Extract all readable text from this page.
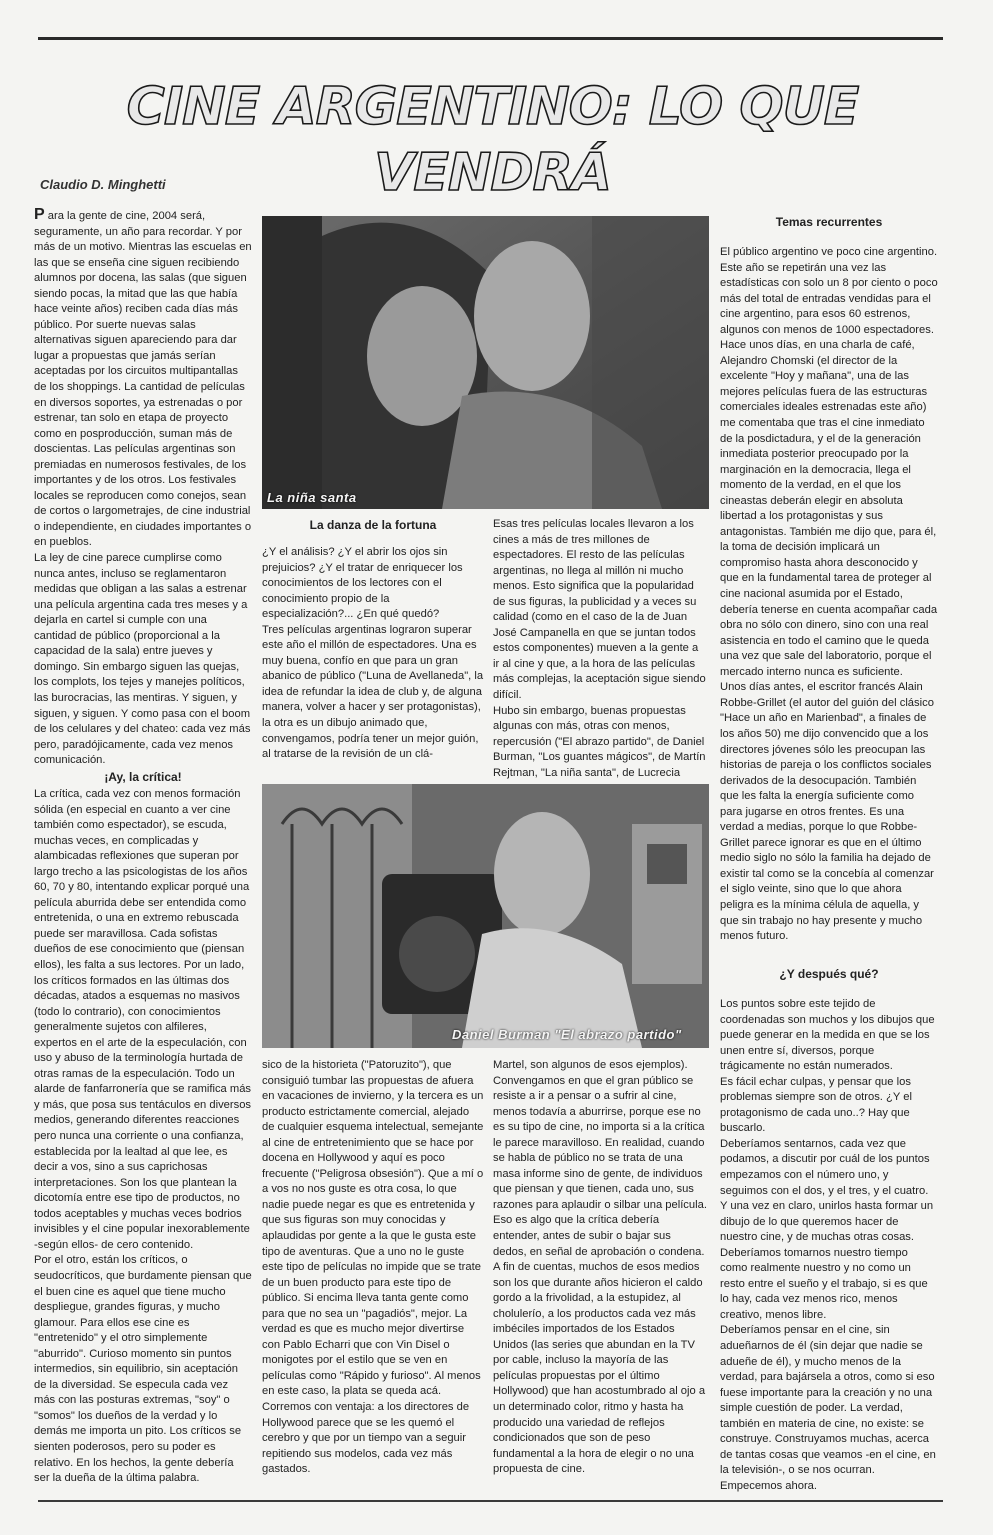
CINE ARGENTINO: LO QUE VENDRÁ
Claudio D. Minghetti

P ara la gente de cine, 2004 será, seguramente, un año para recordar. Y por más de un motivo. Mientras las escuelas en las que se enseña cine siguen recibiendo alumnos por docena, las salas (que siguen siendo pocas, la mitad que las que había hace veinte años) reciben cada días más público. Por suerte nuevas salas alternativas siguen apareciendo para dar lugar a propuestas que jamás serían aceptadas por los circuitos multipantallas de los shoppings. La cantidad de películas en diversos soportes, ya estrenadas o por estrenar, tan solo en etapa de proyecto como en posproducción, suman más de doscientas. Las películas argentinas son premiadas en numerosos festivales, de los importantes y de los otros. Los festivales locales se reproducen como conejos, sean de cortos o largometrajes, de cine industrial o independiente, en ciudades importantes o en pueblos.

La ley de cine parece cumplirse como nunca antes, incluso se reglamentaron medidas que obligan a las salas a estrenar una película argentina cada tres meses y a dejarla en cartel si cumple con una cantidad de público (proporcional a la capacidad de la sala) entre jueves y domingo. Sin embargo siguen las quejas, los complots, los tejes y manejes políticos, las burocracias, las mentiras. Y siguen, y siguen, y siguen. Y como pasa con el boom de los celulares y del chateo: cada vez más pero, paradójicamente, cada vez menos comunicación.

¡Ay, la crítica!

La crítica, cada vez con menos formación sólida (en especial en cuanto a ver cine también como espectador), se escuda, muchas veces, en complicadas y alambicadas reflexiones que superan por largo trecho a las psicologistas de los años 60, 70 y 80, intentando explicar porqué una película aburrida debe ser entendida como entretenida, o una en extremo rebuscada puede ser maravillosa. Cada sofistas dueños de ese conocimiento que (piensan ellos), les falta a sus lectores. Por un lado, los críticos formados en las últimas dos décadas, atados a esquemas no masivos (todo lo contrario), con conocimientos generalmente sujetos con alfileres, expertos en el arte de la especulación, con uso y abuso de la terminología hurtada de otras ramas de la especulación. Todo un alarde de fanfarronería que se ramifica más y más, que posa sus tentáculos en diversos medios, generando diferentes reacciones pero nunca una corriente o una confianza, establecida por la lealtad al que lee, es decir a vos, sino a sus caprichosas interpretaciones. Son los que plantean la dicotomía entre ese tipo de productos, no todos aceptables y muchas veces bodrios invisibles y el cine popular inexorablemente -según ellos- de cero contenido.

Por el otro, están los críticos, o seudocríticos, que burdamente piensan que el buen cine es aquel que tiene mucho despliegue, grandes figuras, y mucho glamour. Para ellos ese cine es "entretenido" y el otro simplemente "aburrido". Curioso momento sin puntos intermedios, sin equilibrio, sin aceptación de la diversidad. Se especula cada vez más con las posturas extremas, "soy" o "somos" los dueños de la verdad y lo demás me importa un pito. Los críticos se sienten poderosos, pero su poder es relativo. En los hechos, la gente debería ser la dueña de la última palabra.

La niña santa
La danza de la fortuna

¿Y el análisis? ¿Y el abrir los ojos sin prejuicios? ¿Y el tratar de enriquecer los conocimientos de los lectores con el conocimiento propio de la especialización?... ¿En qué quedó?

Tres películas argentinas lograron superar este año el millón de espectadores. Una es muy buena, confío en que para un gran abanico de público ("Luna de Avellaneda", la idea de refundar la idea de club y, de alguna manera, volver a hacer y ser protagonistas), la otra es un dibujo animado que, convengamos, podría tener un mejor guión, al tratarse de la revisión de un clá-

Esas tres películas locales llevaron a los cines a más de tres millones de espectadores. El resto de las películas argentinas, no llega al millón ni mucho menos. Esto significa que la popularidad de sus figuras, la publicidad y a veces su calidad (como en el caso de la de Juan José Campanella en que se juntan todos estos componentes) mueven a la gente a ir al cine y que, a la hora de las películas más complejas, la aceptación sigue siendo difícil.

Hubo sin embargo, buenas propuestas algunas con más, otras con menos, repercusión ("El abrazo partido", de Daniel Burman, "Los guantes mágicos", de Martín Rejtman, "La niña santa", de Lucrecia

Daniel Burman "El abrazo partido"

sico de la historieta ("Patoruzito"), que consiguió tumbar las propuestas de afuera en vacaciones de invierno, y la tercera es un producto estrictamente comercial, alejado de cualquier esquema intelectual, semejante al cine de entretenimiento que se hace por docena en Hollywood y aquí es poco frecuente ("Peligrosa obsesión"). Que a mí o a vos no nos guste es otra cosa, lo que nadie puede negar es que es entretenida y que sus figuras son muy conocidas y aplaudidas por gente a la que le gusta este tipo de aventuras. Que a uno no le guste este tipo de películas no impide que se trate de un buen producto para este tipo de público. Si encima lleva tanta gente como para que no sea un "pagadiós", mejor. La verdad es que es mucho mejor divertirse con Pablo Echarri que con Vin Disel o monigotes por el estilo que se ven en películas como "Rápido y furioso". Al menos en este caso, la plata se queda acá.

Corremos con ventaja: a los directores de Hollywood parece que se les quemó el cerebro y que por un tiempo van a seguir repitiendo sus modelos, cada vez más gastados.

Martel, son algunos de esos ejemplos). Convengamos en que el gran público se resiste a ir a pensar o a sufrir al cine, menos todavía a aburrirse, porque ese no es su tipo de cine, no importa si a la crítica le parece maravilloso. En realidad, cuando se habla de público no se trata de una masa informe sino de gente, de individuos que piensan y que tienen, cada uno, sus razones para aplaudir o silbar una película. Eso es algo que la crítica debería entender, antes de subir o bajar sus dedos, en señal de aprobación o condena.

A fin de cuentas, muchos de esos medios son los que durante años hicieron el caldo gordo a la frivolidad, a la estupidez, al cholulerío, a los productos cada vez más imbéciles importados de los Estados Unidos (las series que abundan en la TV por cable, incluso la mayoría de las películas propuestas por el último Hollywood) que han acostumbrado al ojo a un determinado color, ritmo y hasta ha producido una variedad de reflejos condicionados que son de peso fundamental a la hora de elegir o no una propuesta de cine.

Temas recurrentes

El público argentino ve poco cine argentino. Este año se repetirán una vez las estadísticas con solo un 8 por ciento o poco más del total de entradas vendidas para el cine argentino, para esos 60 estrenos, algunos con menos de 1000 espectadores.

Hace unos días, en una charla de café, Alejandro Chomski (el director de la excelente "Hoy y mañana", una de las mejores películas fuera de las estructuras comerciales ideales estrenadas este año) me comentaba que tras el cine inmediato de la posdictadura, y el de la generación inmediata posterior preocupado por la marginación en la democracia, llega el momento de la verdad, en el que los cineastas deberán elegir en absoluta libertad a los protagonistas y sus antagonistas. También me dijo que, para él, la toma de decisión implicará un compromiso hasta ahora desconocido y que en la fundamental tarea de proteger al cine nacional asumida por el Estado, debería tenerse en cuenta acompañar cada obra no sólo con dinero, sino con una real asistencia en todo el camino que le queda una vez que sale del laboratorio, porque el mercado interno nunca es suficiente.

Unos días antes, el escritor francés Alain Robbe-Grillet (el autor del guión del clásico "Hace un año en Marienbad", a finales de los años 50) me dijo convencido que a los directores jóvenes sólo les preocupan las historias de pareja o los conflictos sociales derivados de la desocupación. También que les falta la energía suficiente como para jugarse en otros frentes. Es una verdad a medias, porque lo que Robbe-Grillet parece ignorar es que en el último medio siglo no sólo la familia ha dejado de existir tal como se la concebía al comenzar el siglo veinte, sino que lo que ahora peligra es la mínima célula de aquella, y que sin trabajo no hay presente y mucho menos futuro.

¿Y después qué?

Los puntos sobre este tejido de coordenadas son muchos y los dibujos que puede generar en la medida en que se los unen entre sí, diversos, porque trágicamente no están numerados.

Es fácil echar culpas, y pensar que los problemas siempre son de otros. ¿Y el protagonismo de cada uno..? Hay que buscarlo.

Deberíamos sentarnos, cada vez que podamos, a discutir por cuál de los puntos empezamos con el número uno, y seguimos con el dos, y el tres, y el cuatro. Y una vez en claro, unirlos hasta formar un dibujo de lo que queremos hacer de nuestro cine, y de muchas otras cosas.

Deberíamos tomarnos nuestro tiempo como realmente nuestro y no como un resto entre el sueño y el trabajo, si es que lo hay, cada vez menos rico, menos creativo, menos libre.

Deberíamos pensar en el cine, sin adueñarnos de él (sin dejar que nadie se adueñe de él), y mucho menos de la verdad, para bajársela a otros, como si eso fuese importante para la creación y no una simple cuestión de poder. La verdad, también en materia de cine, no existe: se construye. Construyamos muchas, acerca de tantas cosas que veamos -en el cine, en la televisión-, o se nos ocurran. Empecemos ahora.
